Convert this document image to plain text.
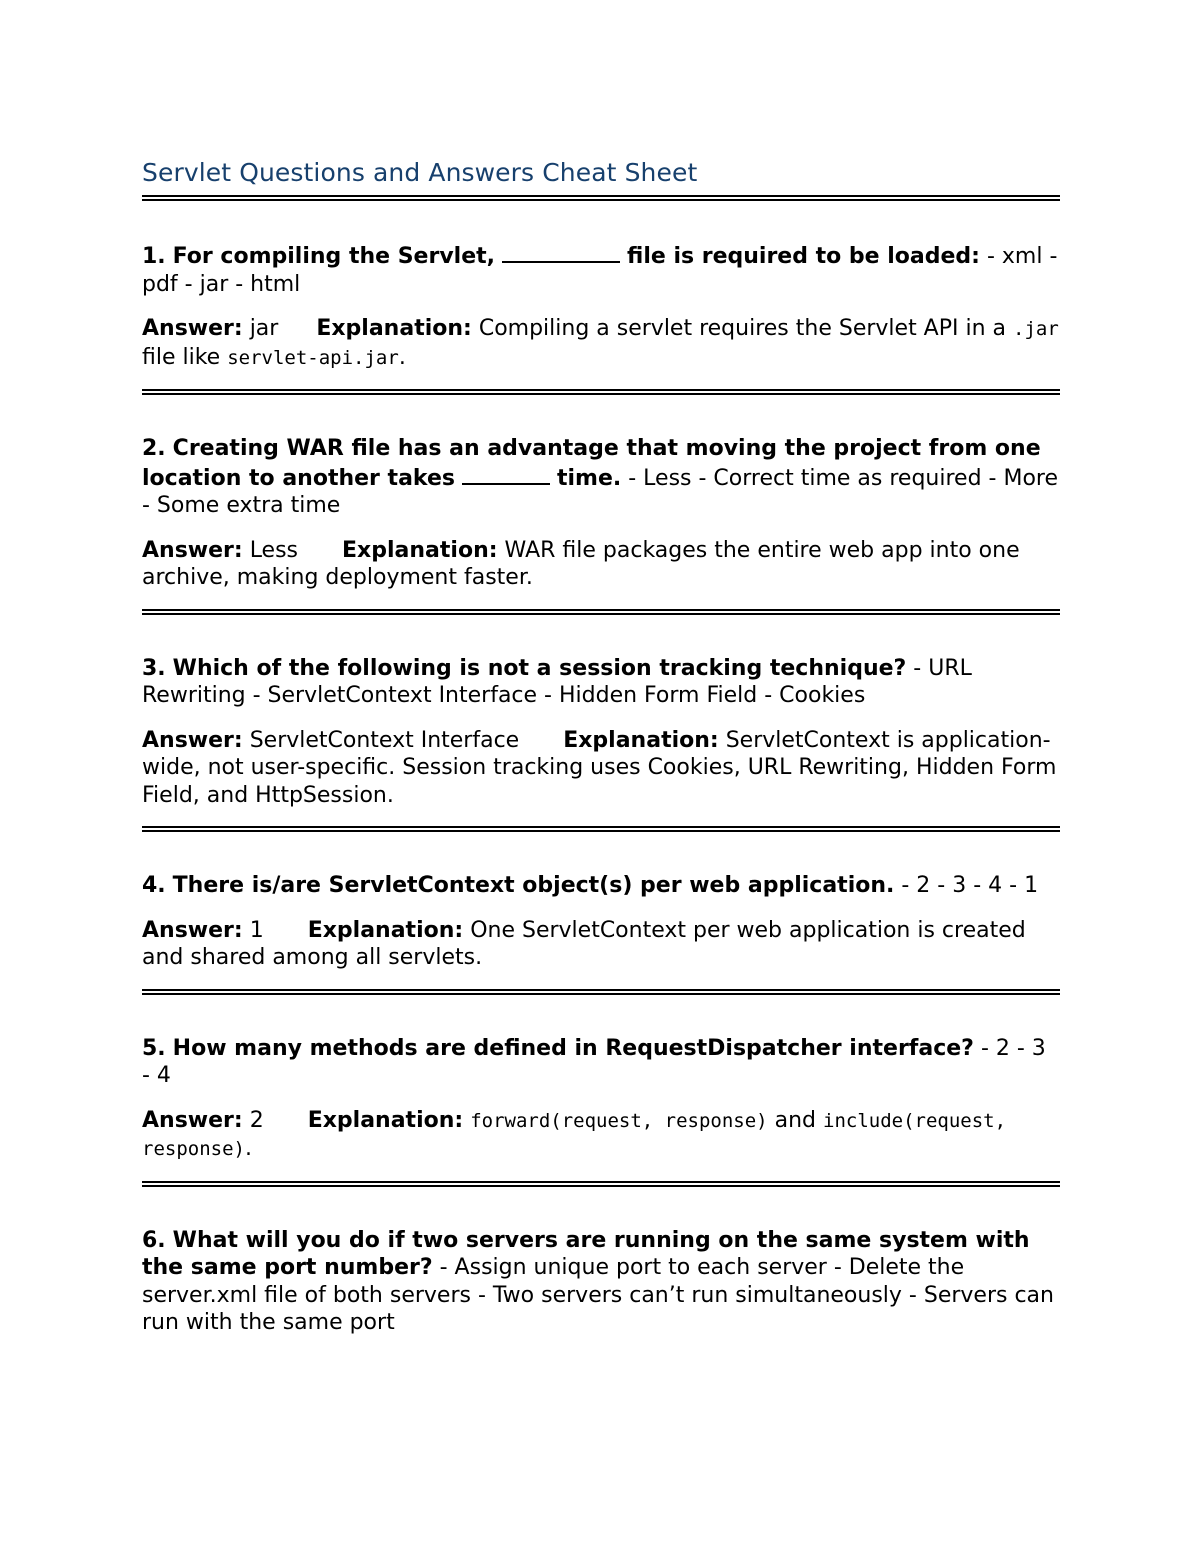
Servlet Questions and Answers Cheat Sheet

1. For compiling the Servlet,	file is required to be loaded: - xml - pdf - jar - html

Answer: jar Explanation: Compiling a servlet requires the Servlet API in a .jar file like servlet-api.jar.

2. Creating WAR file has an advantage that moving the project from one location to another takes	time. - Less - Correct time as required - More - Some extra time

Answer: Less Explanation: WAR file packages the entire web app into one archive, making deployment faster.

3. Which of the following is not a session tracking technique? - URL Rewriting - ServletContext Interface - Hidden Form Field - Cookies

Answer: ServletContext Interface Explanation: ServletContext is application-wide, not user-specific. Session tracking uses Cookies, URL Rewriting, Hidden Form Field, and HttpSession.

4. There is/are ServletContext object(s) per web application. - 2 - 3 - 4 - 1

Answer: 1 Explanation: One ServletContext per web application is created and shared among all servlets.

5. How many methods are defined in RequestDispatcher interface? - 2 - 3 - 4

Answer: 2 Explanation: forward(request, response) and include(request, response).

6. What will you do if two servers are running on the same system with the same port number? - Assign unique port to each server - Delete the server.xml file of both servers - Two servers can’t run simultaneously - Servers can run with the same port
